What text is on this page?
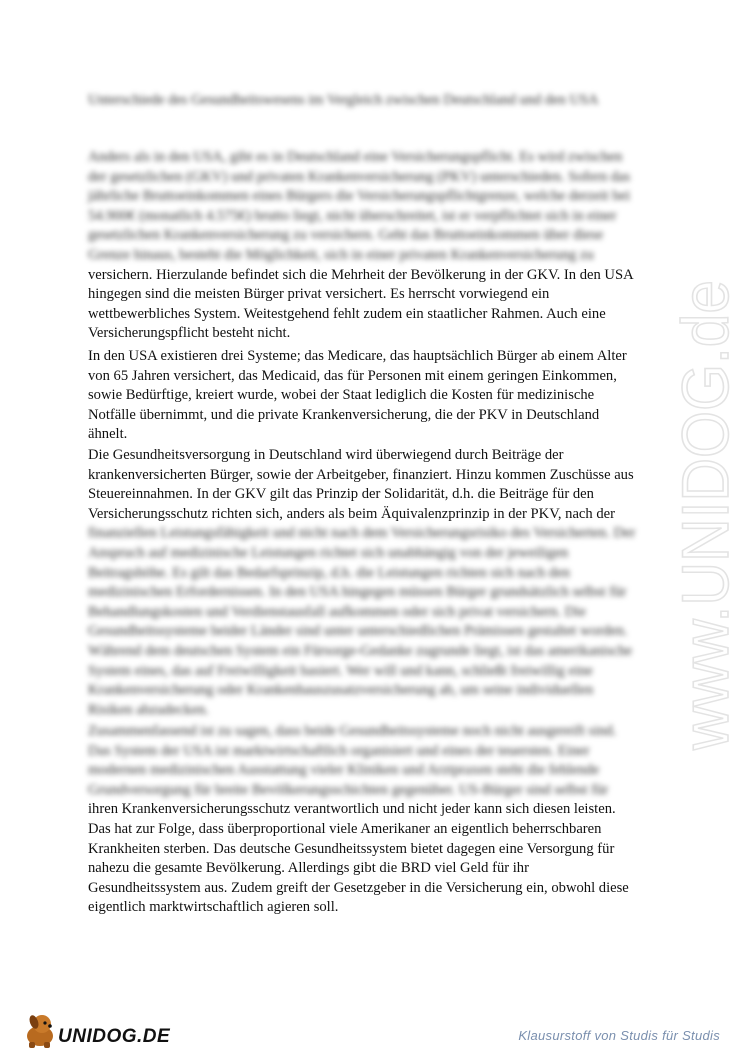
Unterschiede des Gesundheitswesens im Vergleich zwischen Deutschland und den USA

Anders als in den USA, gibt es in Deutschland eine Versicherungspflicht. Es wird zwischen
der gesetzlichen (GKV) und privaten Krankenversicherung (PKV) unterschieden. Sofern das
jährliche Bruttoeinkommen eines Bürgers die Versicherungspflichtgrenze, welche derzeit bei
54.900€ (monatlich 4.575€) brutto liegt, nicht überschreitet, ist er verpflichtet sich in einer
gesetzlichen Krankenversicherung zu versichern. Geht das Bruttoeinkommen über diese
Grenze hinaus, besteht die Möglichkeit, sich in einer privaten Krankenversicherung zu
versichern. Hierzulande befindet sich die Mehrheit der Bevölkerung in der GKV. In den USA
hingegen sind die meisten Bürger privat versichert. Es herrscht vorwiegend ein
wettbewerbliches System. Weitestgehend fehlt zudem ein staatlicher Rahmen. Auch eine
Versicherungspflicht besteht nicht.

In den USA existieren drei Systeme; das Medicare, das hauptsächlich Bürger ab einem Alter
von 65 Jahren versichert, das Medicaid, das für Personen mit einem geringen Einkommen,
sowie Bedürftige, kreiert wurde, wobei der Staat lediglich die Kosten für medizinische
Notfälle übernimmt, und die private Krankenversicherung, die der PKV in Deutschland
ähnelt.

Die Gesundheitsversorgung in Deutschland wird überwiegend durch Beiträge der
krankenversicherten Bürger, sowie der Arbeitgeber, finanziert. Hinzu kommen Zuschüsse aus
Steuereinnahmen. In der GKV gilt das Prinzip der Solidarität, d.h. die Beiträge für den
Versicherungsschutz richten sich, anders als beim Äquivalenzprinzip in der PKV, nach der
finanziellen Leistungsfähigkeit und nicht nach dem Versicherungsrisiko des Versicherten. Der
Anspruch auf medizinische Leistungen richtet sich unabhängig von der jeweiligen
Beitragshöhe. Es gilt das Bedarfsprinzip, d.h. die Leistungen richten sich nach den
medizinischen Erfordernissen. In den USA hingegen müssen Bürger grundsätzlich selbst für
Behandlungskosten und Verdienstausfall aufkommen oder sich privat versichern. Die
Gesundheitssysteme beider Länder sind unter unterschiedlichen Prämissen gestaltet worden.
Während dem deutschen System ein Fürsorge-Gedanke zugrunde liegt, ist das amerikanische
System eines, das auf Freiwilligkeit basiert. Wer will und kann, schließt freiwillig eine
Krankenversicherung oder Krankenhauszusatzversicherung ab, um seine individuellen
Risiken abzudecken.

Zusammenfassend ist zu sagen, dass beide Gesundheitssysteme noch nicht ausgereift sind.
Das System der USA ist marktwirtschaftlich organisiert und eines der teuersten. Einer
modernen medizinischen Ausstattung vieler Kliniken und Arztpraxen steht die fehlende
Grundversorgung für breite Bevölkerungsschichten gegenüber. US-Bürger sind selbst für
ihren Krankenversicherungsschutz verantwortlich und nicht jeder kann sich diesen leisten.
Das hat zur Folge, dass überproportional viele Amerikaner an eigentlich beherrschbaren
Krankheiten sterben. Das deutsche Gesundheitssystem bietet dagegen eine Versorgung für
nahezu die gesamte Bevölkerung. Allerdings gibt die BRD viel Geld für ihr
Gesundheitssystem aus. Zudem greift der Gesetzgeber in die Versicherung ein, obwohl diese
eigentlich marktwirtschaftlich agieren soll.

www.UNIDOG.de
UNIDOG.DE	Klausurstoff von Studis für Studis
